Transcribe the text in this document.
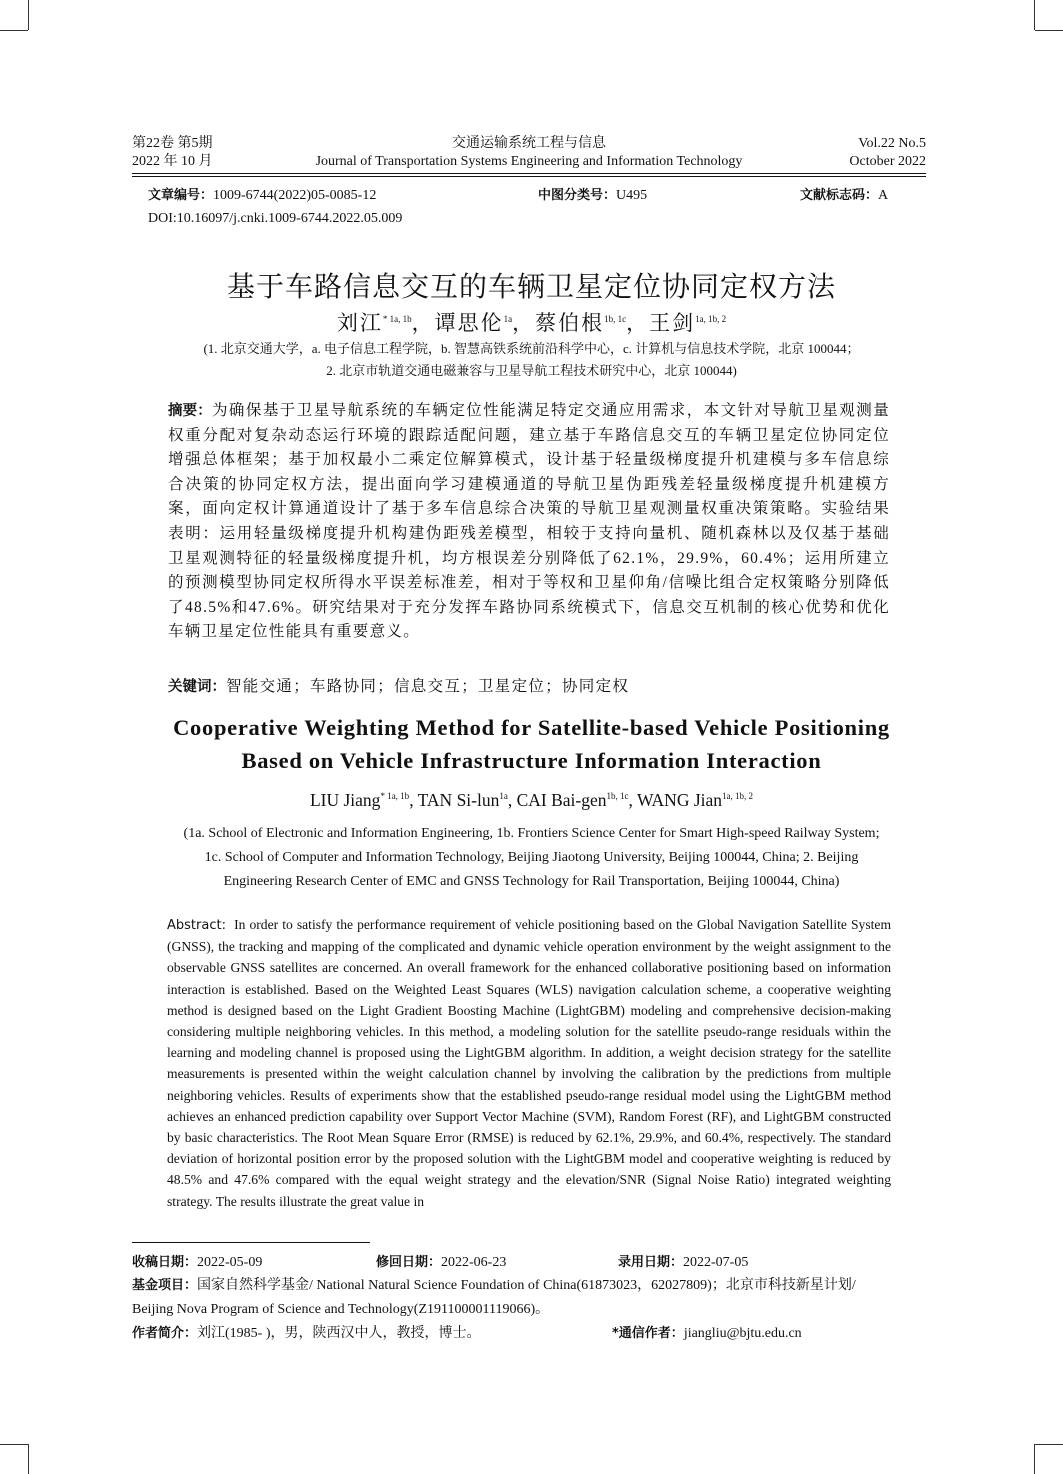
第22卷 第5期	交通运输系统工程与信息	Vol.22 No.5
2022 年 10 月	Journal of Transportation Systems Engineering and Information Technology	October 2022
文章编号：1009-6744(2022)05-0085-12	中图分类号：U495	文献标志码：A
DOI:10.16097/j.cnki.1009-6744.2022.05.009
基于车路信息交互的车辆卫星定位协同定权方法
刘江$^{* 1a, 1b}$，谭思伦$^{1a}$，蔡伯根$^{1b, 1c}$，王剑$^{1a, 1b, 2}$
(1. 北京交通大学，a. 电子信息工程学院，b. 智慧高铁系统前沿科学中心，c. 计算机与信息技术学院，北京 100044；
2. 北京市轨道交通电磁兼容与卫星导航工程技术研究中心，北京 100044)
摘要：为确保基于卫星导航系统的车辆定位性能满足特定交通应用需求，本文针对导航卫星观测量权重分配对复杂动态运行环境的跟踪适配问题，建立基于车路信息交互的车辆卫星定位协同定位增强总体框架；基于加权最小二乘定位解算模式，设计基于轻量级梯度提升机建模与多车信息综合决策的协同定权方法，提出面向学习建模通道的导航卫星伪距残差轻量级梯度提升机建模方案，面向定权计算通道设计了基于多车信息综合决策的导航卫星观测量权重决策策略。实验结果表明：运用轻量级梯度提升机构建伪距残差模型，相较于支持向量机、随机森林以及仅基于基础卫星观测特征的轻量级梯度提升机，均方根误差分别降低了62.1%，29.9%，60.4%；运用所建立的预测模型协同定权所得水平误差标准差，相对于等权和卫星仰角/信噪比组合定权策略分别降低了48.5%和47.6%。研究结果对于充分发挥车路协同系统模式下，信息交互机制的核心优势和优化车辆卫星定位性能具有重要意义。
关键词：智能交通；车路协同；信息交互；卫星定位；协同定权
Cooperative Weighting Method for Satellite-based Vehicle Positioning
Based on Vehicle Infrastructure Information Interaction
LIU Jiang$^{* 1a, 1b}$, TAN Si-lun$^{1a}$, CAI Bai-gen$^{1b, 1c}$, WANG Jian$^{1a, 1b, 2}$
(1a. School of Electronic and Information Engineering, 1b. Frontiers Science Center for Smart High-speed Railway System;
1c. School of Computer and Information Technology, Beijing Jiaotong University, Beijing 100044, China; 2. Beijing
Engineering Research Center of EMC and GNSS Technology for Rail Transportation, Beijing 100044, China)
Abstract: In order to satisfy the performance requirement of vehicle positioning based on the Global Navigation Satellite System (GNSS), the tracking and mapping of the complicated and dynamic vehicle operation environment by the weight assignment to the observable GNSS satellites are concerned. An overall framework for the enhanced collaborative positioning based on information interaction is established. Based on the Weighted Least Squares (WLS) navigation calculation scheme, a cooperative weighting method is designed based on the Light Gradient Boosting Machine (LightGBM) modeling and comprehensive decision-making considering multiple neighboring vehicles. In this method, a modeling solution for the satellite pseudo-range residuals within the learning and modeling channel is proposed using the LightGBM algorithm. In addition, a weight decision strategy for the satellite measurements is presented within the weight calculation channel by involving the calibration by the predictions from multiple neighboring vehicles. Results of experiments show that the established pseudo-range residual model using the LightGBM method achieves an enhanced prediction capability over Support Vector Machine (SVM), Random Forest (RF), and LightGBM constructed by basic characteristics. The Root Mean Square Error (RMSE) is reduced by 62.1%, 29.9%, and 60.4%, respectively. The standard deviation of horizontal position error by the proposed solution with the LightGBM model and cooperative weighting is reduced by 48.5% and 47.6% compared with the equal weight strategy and the elevation/SNR (Signal Noise Ratio) integrated weighting strategy. The results illustrate the great value in
收稿日期：2022-05-09	修回日期：2022-06-23	录用日期：2022-07-05
基金项目：国家自然科学基金/ National Natural Science Foundation of China(61873023，62027809)；北京市科技新星计划/
Beijing Nova Program of Science and Technology(Z191100001119066)。
作者简介：刘江(1985- )，男，陕西汉中人，教授，博士。	*通信作者：jiangliu@bjtu.edu.cn
